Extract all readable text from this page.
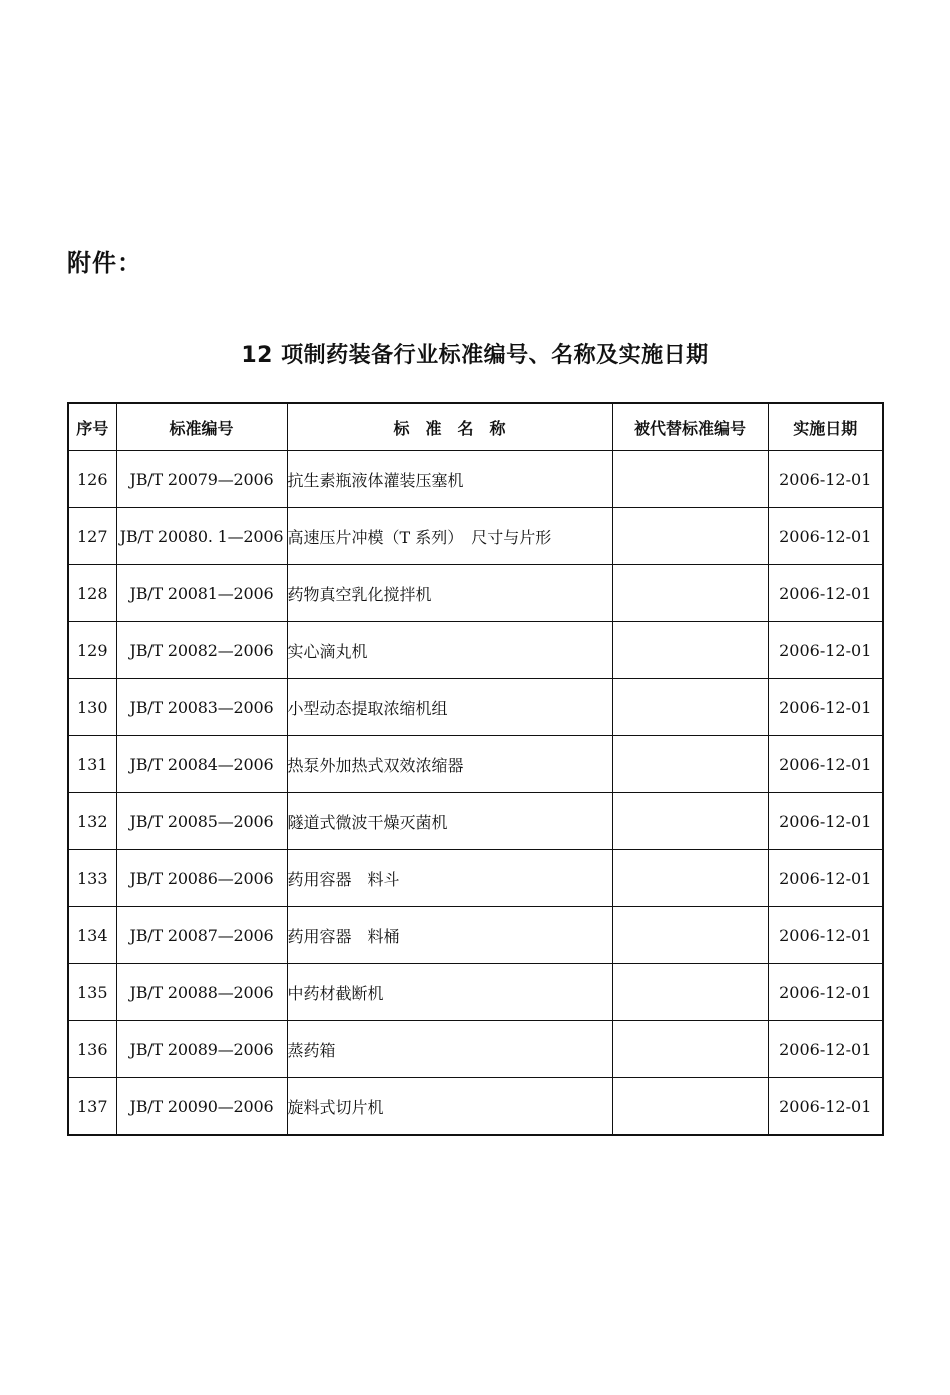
附件：
12 项制药装备行业标准编号、名称及实施日期
序号	标准编号	标　准　名　称	被代替标准编号	实施日期
126	JB/T 20079—2006	抗生素瓶液体灌装压塞机		2006-12-01
127	JB/T 20080. 1—2006	高速压片冲模（T 系列）　尺寸与片形		2006-12-01
128	JB/T 20081—2006	药物真空乳化搅拌机		2006-12-01
129	JB/T 20082—2006	实心滴丸机		2006-12-01
130	JB/T 20083—2006	小型动态提取浓缩机组		2006-12-01
131	JB/T 20084—2006	热泵外加热式双效浓缩器		2006-12-01
132	JB/T 20085—2006	隧道式微波干燥灭菌机		2006-12-01
133	JB/T 20086—2006	药用容器　料斗		2006-12-01
134	JB/T 20087—2006	药用容器　料桶		2006-12-01
135	JB/T 20088—2006	中药材截断机		2006-12-01
136	JB/T 20089—2006	蒸药箱		2006-12-01
137	JB/T 20090—2006	旋料式切片机		2006-12-01
